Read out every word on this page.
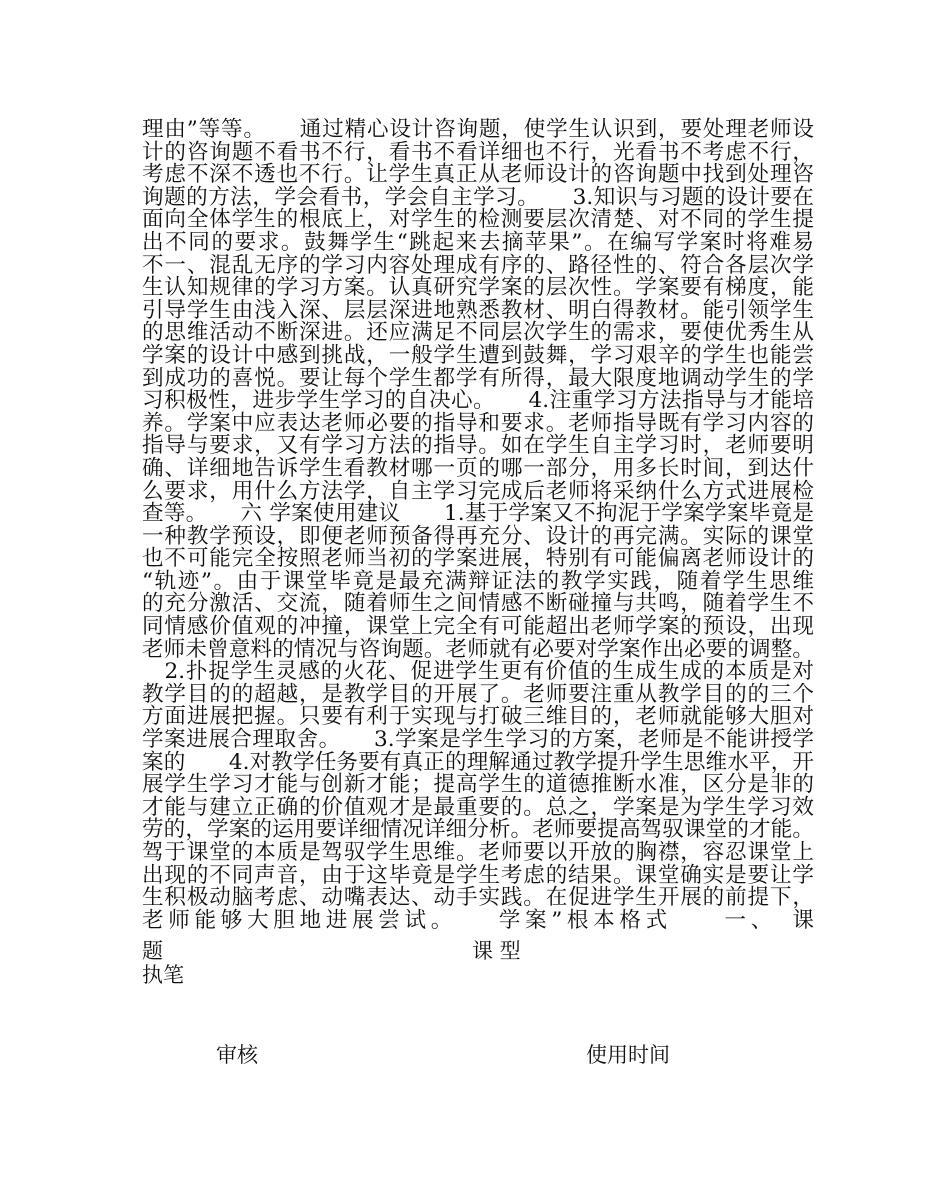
理由”等等。　　通过精心设计咨询题，使学生认识到，要处理老师设
计的咨询题不看书不行，看书不看详细也不行，光看书不考虑不行，
考虑不深不透也不行。让学生真正从老师设计的咨询题中找到处理咨
询题的方法，学会看书，学会自主学习。　　3.知识与习题的设计要在
面向全体学生的根底上，对学生的检测要层次清楚、对不同的学生提
出不同的要求。鼓舞学生“跳起来去摘苹果”。在编写学案时将难易
不一、混乱无序的学习内容处理成有序的、路径性的、符合各层次学
生认知规律的学习方案。认真研究学案的层次性。学案要有梯度，能
引导学生由浅入深、层层深进地熟悉教材、明白得教材。能引领学生
的思维活动不断深进。还应满足不同层次学生的需求，要使优秀生从
学案的设计中感到挑战，一般学生遭到鼓舞，学习艰辛的学生也能尝
到成功的喜悦。要让每个学生都学有所得，最大限度地调动学生的学
习积极性，进步学生学习的自决心。　　4.注重学习方法指导与才能培
养。学案中应表达老师必要的指导和要求。老师指导既有学习内容的
指导与要求，又有学习方法的指导。如在学生自主学习时，老师要明
确、详细地告诉学生看教材哪一页的哪一部分，用多长时间，到达什
么要求，用什么方法学，自主学习完成后老师将采纳什么方式进展检
查等。　　六 学案使用建议　　1.基于学案又不拘泥于学案学案毕竟是
一种教学预设，即便老师预备得再充分、设计的再完满。实际的课堂
也不可能完全按照老师当初的学案进展，特别有可能偏离老师设计的
“轨迹”。由于课堂毕竟是最充满辩证法的教学实践，随着学生思维
的充分激活、交流，随着师生之间情感不断碰撞与共鸣，随着学生不
同情感价值观的冲撞，课堂上完全有可能超出老师学案的预设，出现
老师未曾意料的情况与咨询题。老师就有必要对学案作出必要的调整。
　2.扑捉学生灵感的火花、促进学生更有价值的生成生成的本质是对
教学目的的超越，是教学目的开展了。老师要注重从教学目的的三个
方面进展把握。只要有利于实现与打破三维目的，老师就能够大胆对
学案进展合理取舍。　　3.学案是学生学习的方案，老师是不能讲授学
案的　　4.对教学任务要有真正的理解通过教学提升学生思维水平，开
展学生学习才能与创新才能；提高学生的道德推断水准，区分是非的
才能与建立正确的价值观才是最重要的。总之，学案是为学生学习效
劳的，学案的运用要详细情况详细分析。老师要提高驾驭课堂的才能。
驾于课堂的本质是驾驭学生思维。老师要以开放的胸襟，容忍课堂上
出现的不同声音，由于这毕竟是学生考虑的结果。课堂确实是要让学
生积极动脑考虑、动嘴表达、动手实践。在促进学生开展的前提下，
老师能够大胆地进展尝试。　　学案”根本格式　　一、　课
题	课 型
执笔
审核	使用时间
